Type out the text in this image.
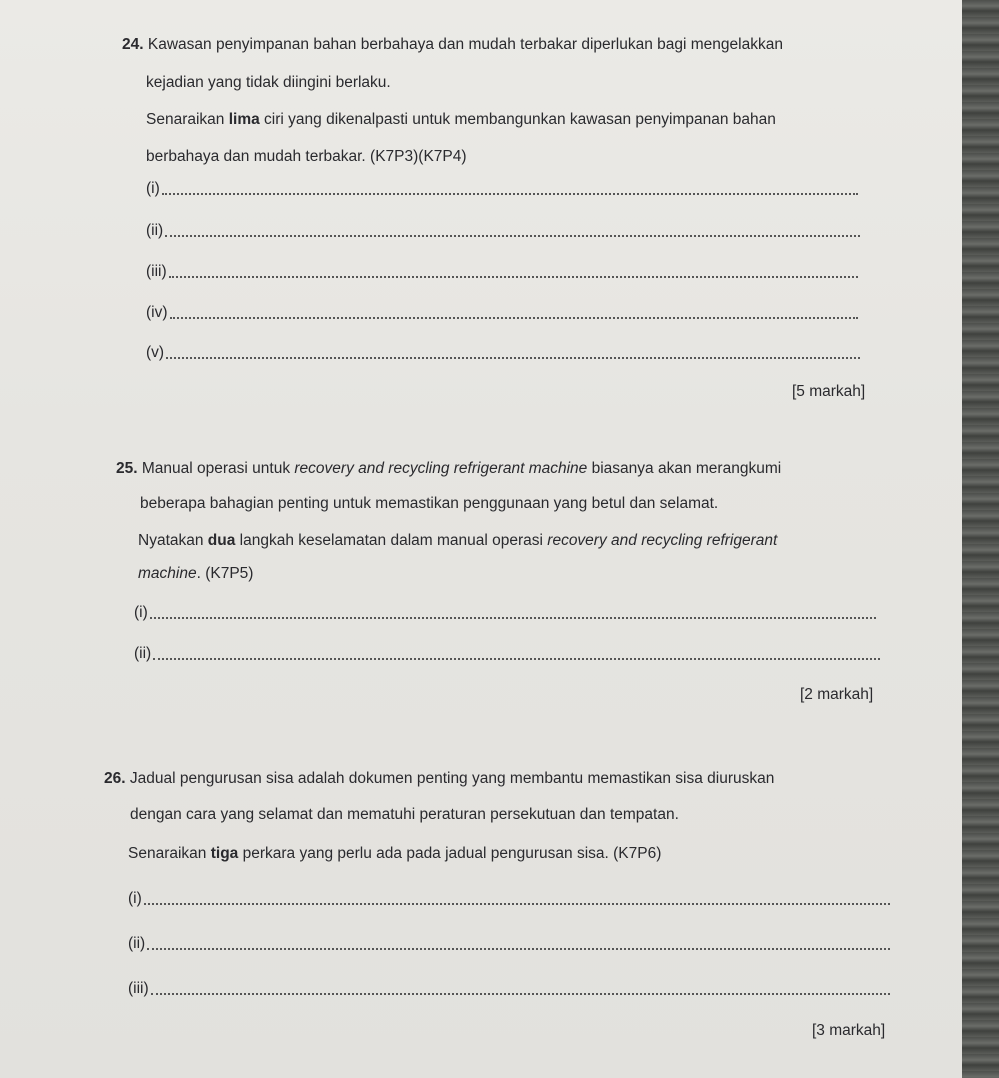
24. Kawasan penyimpanan bahan berbahaya dan mudah terbakar diperlukan bagi mengelakkan
kejadian yang tidak diingini berlaku.
Senaraikan lima ciri yang dikenalpasti untuk membangunkan kawasan penyimpanan bahan
berbahaya dan mudah terbakar. (K7P3)(K7P4)
(i)
(ii)
(iii)
(iv)
(v)
[5 markah]
25. Manual operasi untuk recovery and recycling refrigerant machine biasanya akan merangkumi
beberapa bahagian penting untuk memastikan penggunaan yang betul dan selamat.
Nyatakan dua langkah keselamatan dalam manual operasi recovery and recycling refrigerant
machine. (K7P5)
(i)
(ii)
[2 markah]
26. Jadual pengurusan sisa adalah dokumen penting yang membantu memastikan sisa diuruskan
dengan cara yang selamat dan mematuhi peraturan persekutuan dan tempatan.
Senaraikan tiga perkara yang perlu ada pada jadual pengurusan sisa. (K7P6)
(i)
(ii)
(iii)
[3 markah]
